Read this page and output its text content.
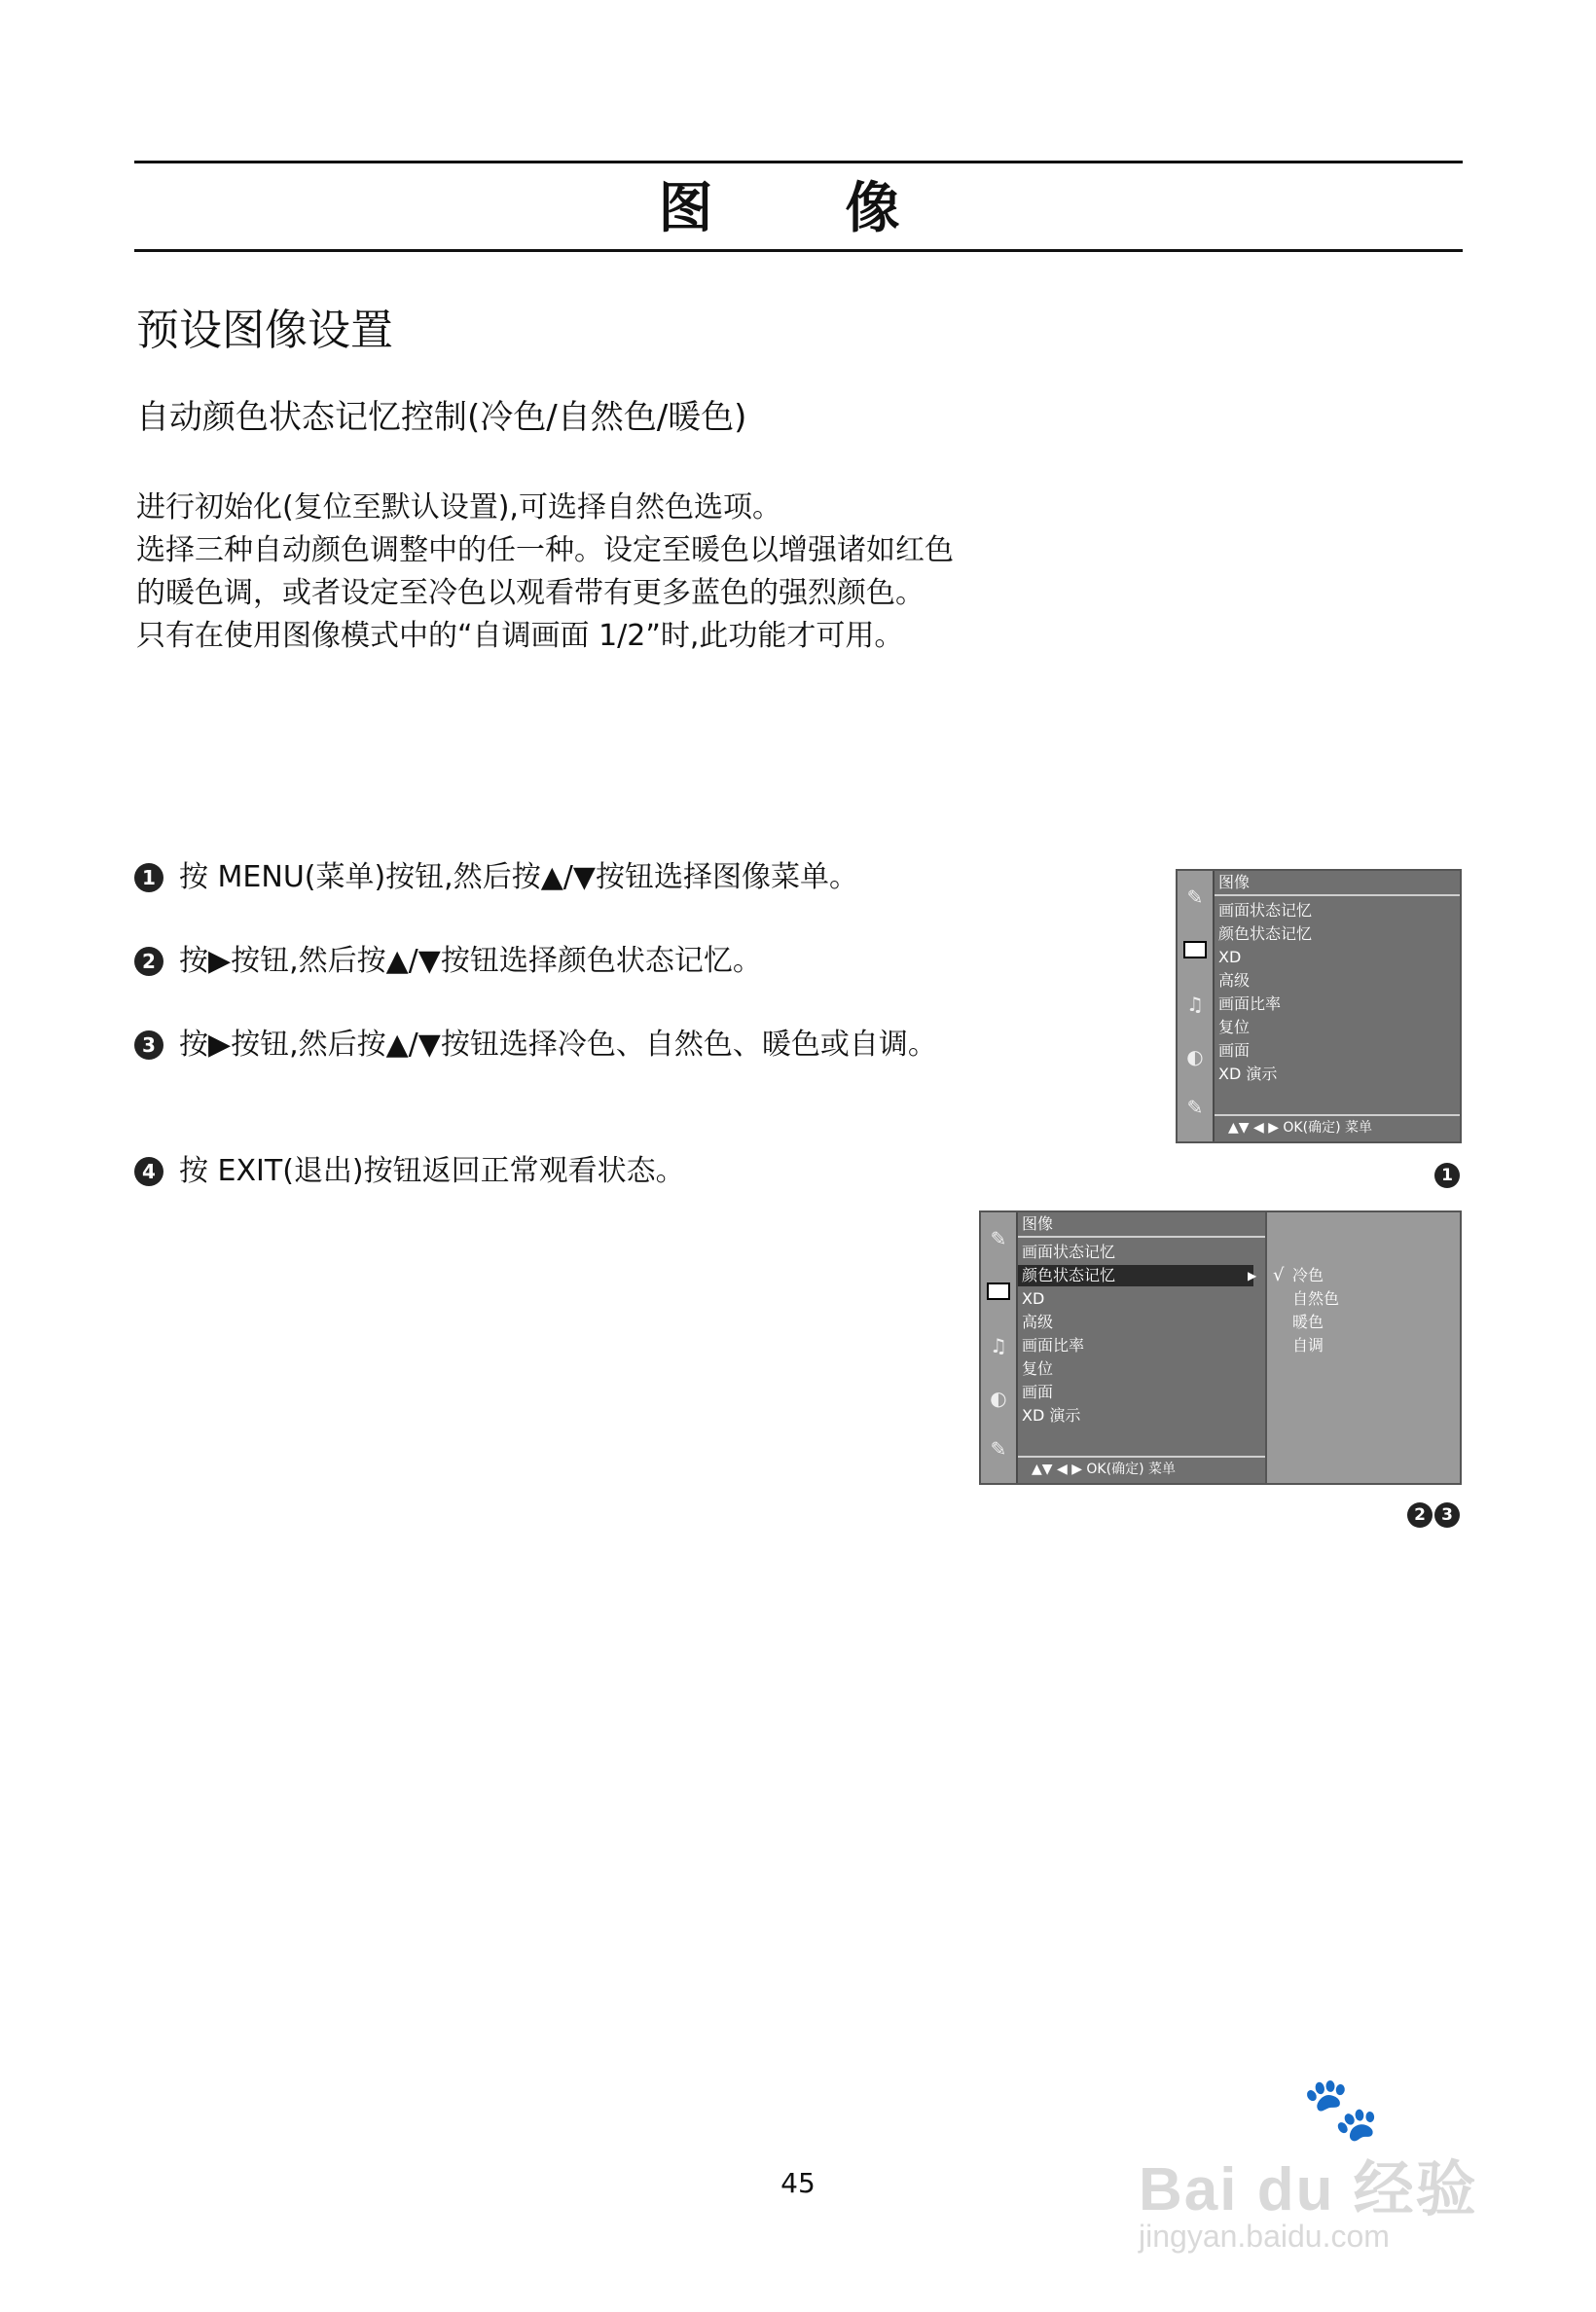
图　像
预设图像设置
自动颜色状态记忆控制(冷色/自然色/暖色)

进行初始化(复位至默认设置),可选择自然色选项。

选择三种自动颜色调整中的任一种。设定至暖色以增强诸如红色的暖色调，或者设定至冷色以观看带有更多蓝色的强烈颜色。

只有在使用图像模式中的“自调画面 1/2”时,此功能才可用。

1 按 MENU(菜单)按钮,然后按▲/▼按钮选择图像菜单。
2 按▶按钮,然后按▲/▼按钮选择颜色状态记忆。
3 按▶按钮,然后按▲/▼按钮选择冷色、自然色、暖色或自调。
4 按 EXIT(退出)按钮返回正常观看状态。
✎
♫
◐
✎
图像
画面状态记忆
颜色状态记忆
XD
高级
画面比率
复位
画面
XD 演示
▲▼ ◀ ▶ OK(确定) 菜单
1
✎
♫
◐
✎
图像
画面状态记忆
颜色状态记忆	▶
XD
高级
画面比率
复位
画面
XD 演示
▲▼ ◀ ▶ OK(确定) 菜单
√ 冷色
自然色
暖色
自调
2 3
45
🐾
Bai du 经验
jingyan.baidu.com
